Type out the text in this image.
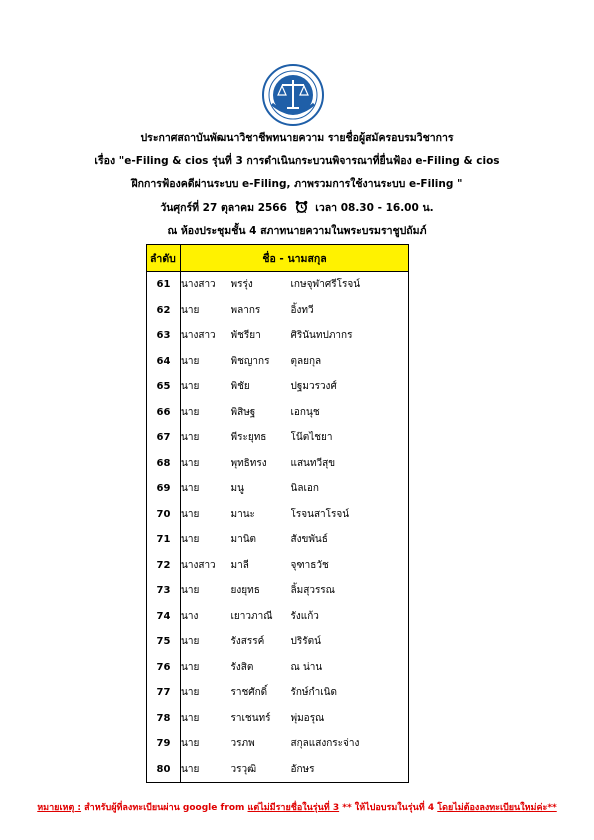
ประกาศสถาบันพัฒนาวิชาชีพทนายความ รายชื่อผู้สมัครอบรมวิชาการ
เรื่อง "e-Filing & cios รุ่นที่ 3 การดำเนินกระบวนพิจารณาที่ยื่นฟ้อง e-Filing & cios
ฝึกการฟ้องคดีผ่านระบบ e-Filing, ภาพรวมการใช้งานระบบ e-Filing "
วันศุกร์ที่ 27 ตุลาคม 2566	เวลา 08.30 - 16.00 น.
ณ ห้องประชุมชั้น 4 สภาทนายความในพระบรมราชูปถัมภ์
ลำดับ	ชื่อ - นามสกุล		
61	นางสาว	พรรุ่ง	เกษจุฬาศรีโรจน์
62	นาย	พลากร	อิ้งทวี
63	นางสาว	พัชรียา	ศิรินันทปภากร
64	นาย	พิชญากร	ตุลยกุล
65	นาย	พิชัย	ปฐมวรวงศ์
66	นาย	พิสิษฐ	เอกนุช
67	นาย	พีระยุทธ	โน๊ตไชยา
68	นาย	พุทธิทรง	แสนทวีสุข
69	นาย	มนู	นิลเอก
70	นาย	มานะ	โรจนสาโรจน์
71	นาย	มานิต	สังขพันธ์
72	นางสาว	มาลี	จุฑาธวัช
73	นาย	ยงยุทธ	ลิ้มสุวรรณ
74	นาง	เยาวภาณี	รังแก้ว
75	นาย	รังสรรค์	ปริรัตน์
76	นาย	รังสิต	ณ น่าน
77	นาย	ราชศักดิ์	รักษ์กำเนิด
78	นาย	ราเชนทร์	พุ่มอรุณ
79	นาย	วรภพ	สกุลแสงกระจ่าง
80	นาย	วรวุฒิ	อักษร
หมายเหตุ : สำหรับผู้ที่ลงทะเบียนผ่าน google from แต่ไม่มีรายชื่อในรุ่นที่ 3 ** ให้ไปอบรมในรุ่นที่ 4 โดยไม่ต้องลงทะเบียนใหม่ค่ะ**
